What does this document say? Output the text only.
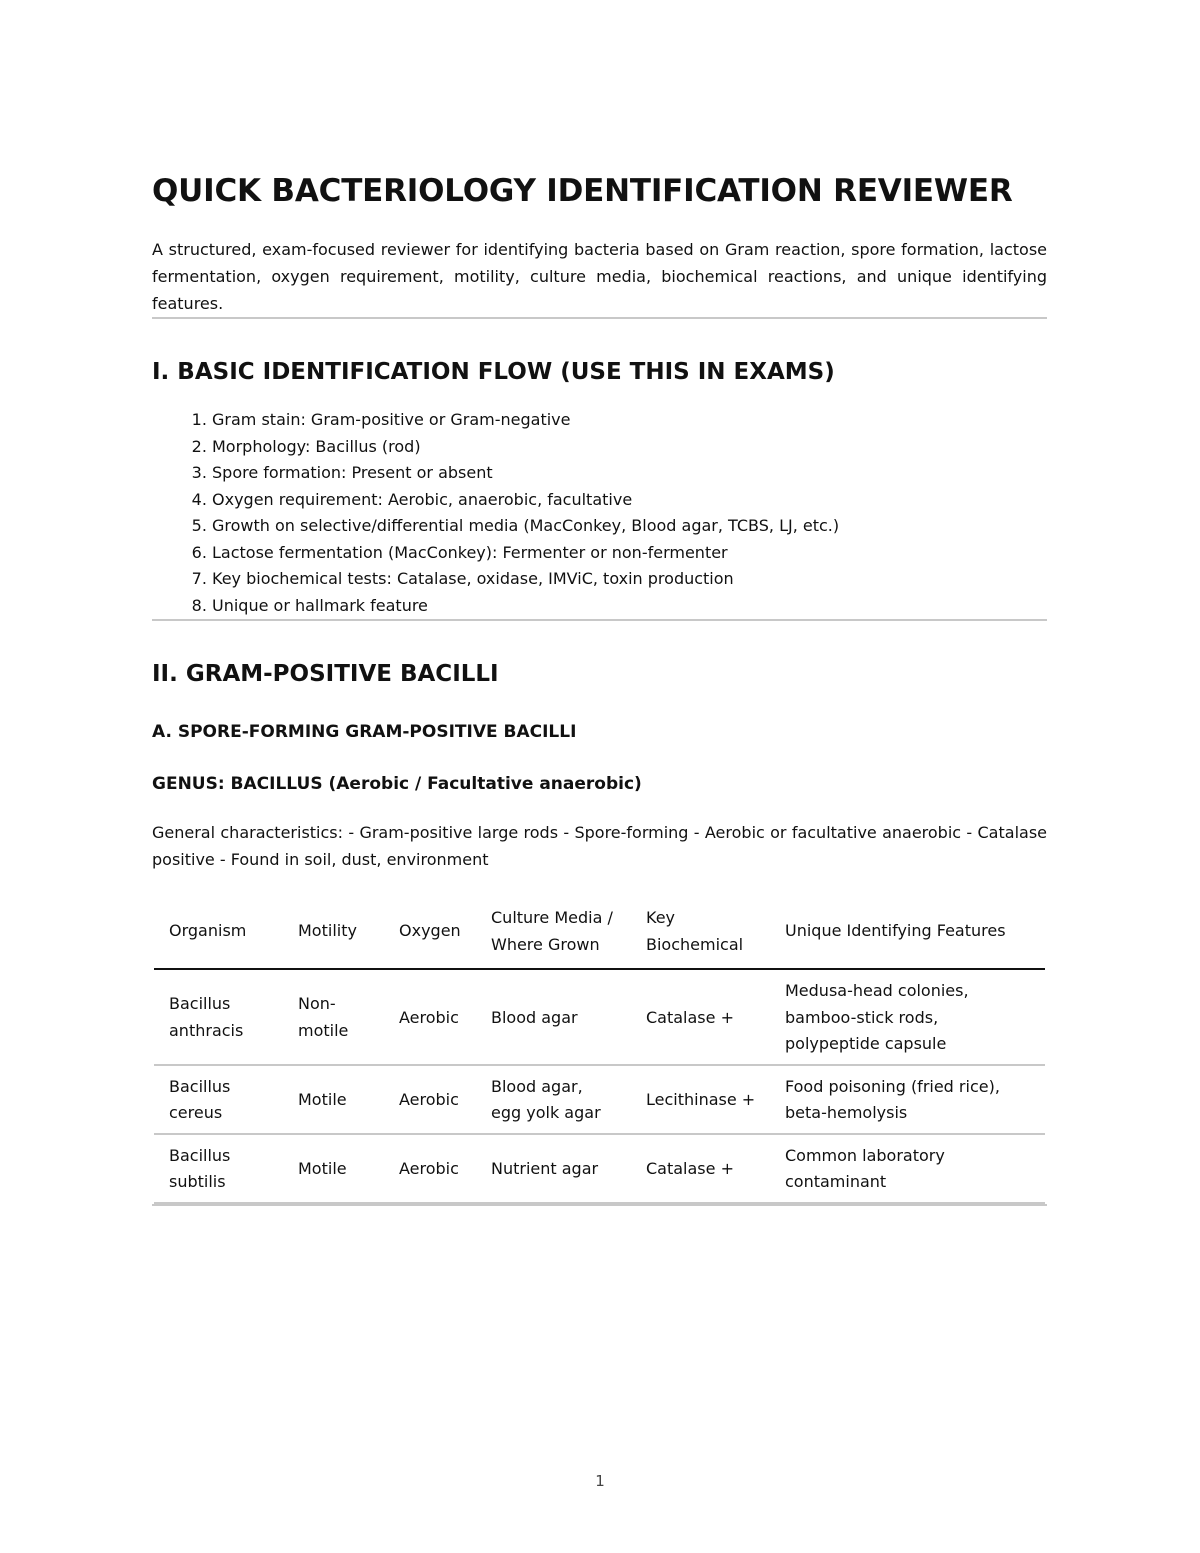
QUICK BACTERIOLOGY IDENTIFICATION REVIEWER

A structured, exam-focused reviewer for identifying bacteria based on Gram reaction, spore formation, lactose fermentation, oxygen requirement, motility, culture media, biochemical reactions, and unique identifying features.

I. BASIC IDENTIFICATION FLOW (USE THIS IN EXAMS)
1. Gram stain: Gram-positive or Gram-negative
2. Morphology: Bacillus (rod)
3. Spore formation: Present or absent
4. Oxygen requirement: Aerobic, anaerobic, facultative
5. Growth on selective/differential media (MacConkey, Blood agar, TCBS, LJ, etc.)
6. Lactose fermentation (MacConkey): Fermenter or non-fermenter
7. Key biochemical tests: Catalase, oxidase, IMViC, toxin production
8. Unique or hallmark feature
II. GRAM-POSITIVE BACILLI
A. SPORE-FORMING GRAM-POSITIVE BACILLI
GENUS: BACILLUS (Aerobic / Facultative anaerobic)

General characteristics: - Gram-positive large rods - Spore-forming - Aerobic or facultative anaerobic - Catalase positive - Found in soil, dust, environment

Organism	Motility	Oxygen	Culture Media / Where Grown	Key Biochemical	Unique Identifying Features
Bacillus anthracis	Non-motile	Aerobic	Blood agar	Catalase +	Medusa-head colonies, bamboo-stick rods, polypeptide capsule
Bacillus cereus	Motile	Aerobic	Blood agar, egg yolk agar	Lecithinase +	Food poisoning (fried rice), beta-hemolysis
Bacillus subtilis	Motile	Aerobic	Nutrient agar	Catalase +	Common laboratory contaminant
1
